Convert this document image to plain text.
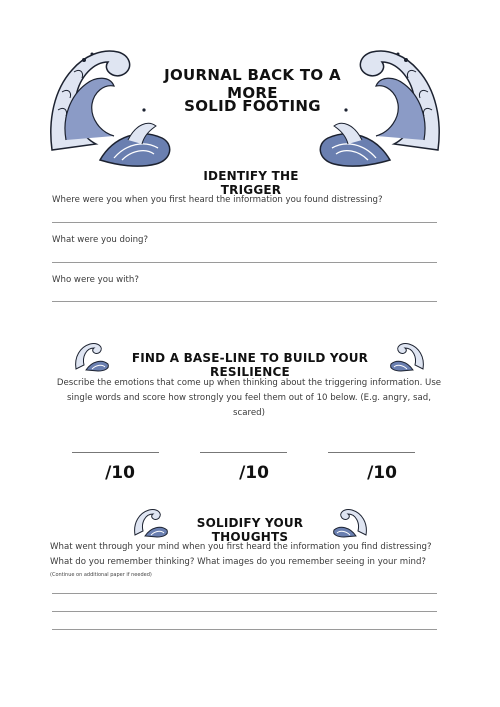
JOURNAL BACK TO A MORE
SOLID FOOTING
IDENTIFY THE TRIGGER
Where were you when you first heard the information you found distressing?
What were you doing?
Who were you with?
FIND A BASE-LINE TO BUILD YOUR RESILIENCE
Describe the emotions that come up when thinking about the triggering information. Use single words and score how strongly you feel them out of 10 below. (E.g. angry, sad, scared)
/10	/10	/10
SOLIDIFY YOUR THOUGHTS
What went through your mind when you first heard the information you find distressing?
What do you remember thinking? What images do you remember seeing in your mind?
(Continue on additional paper if needed)
